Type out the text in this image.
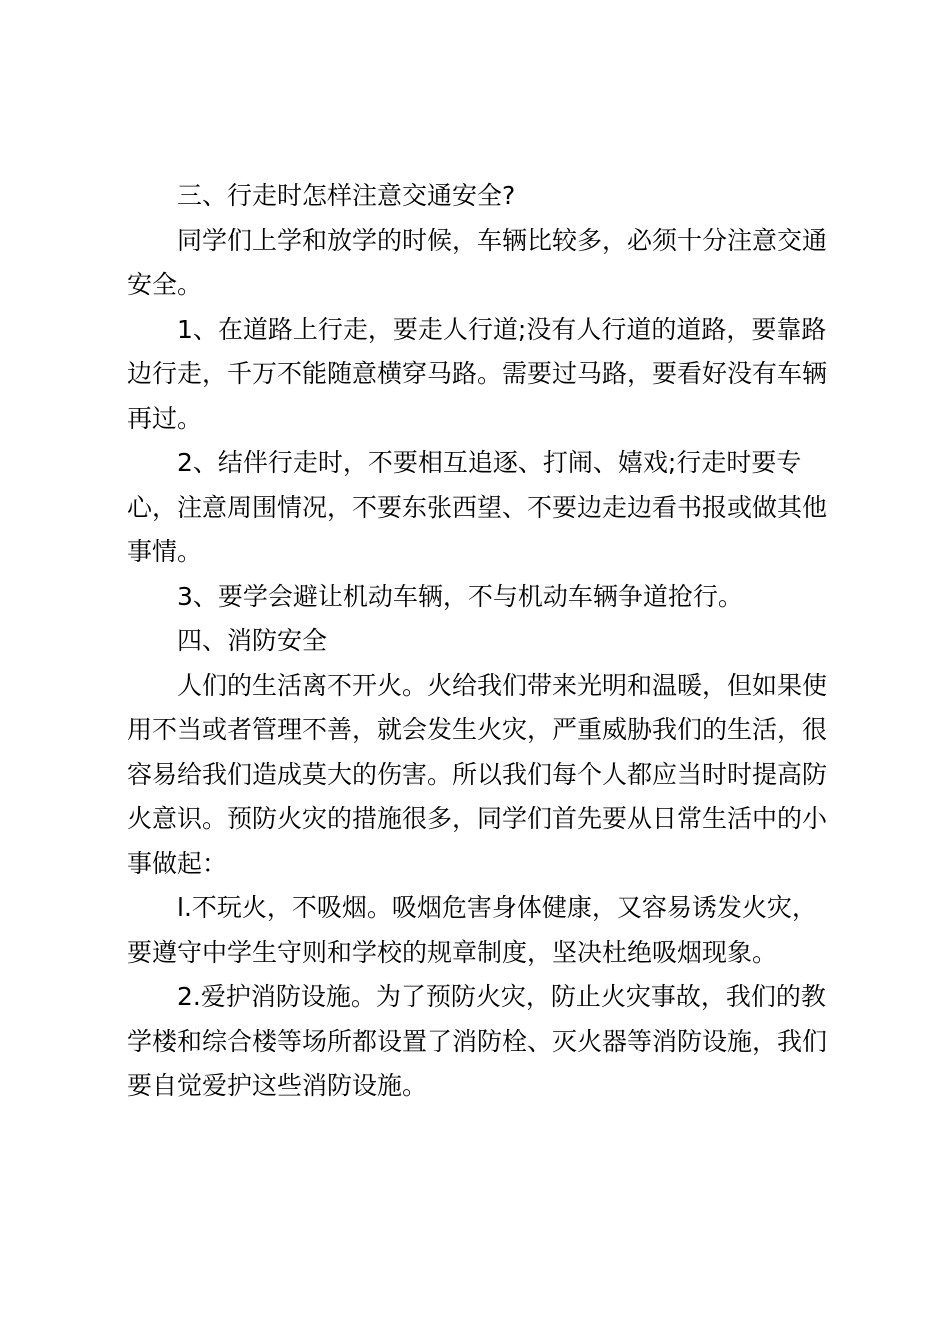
三、行走时怎样注意交通安全?

同学们上学和放学的时候，车辆比较多，必须十分注意交通安全。

1、在道路上行走，要走人行道;没有人行道的道路，要靠路边行走，千万不能随意横穿马路。需要过马路，要看好没有车辆再过。

2、结伴行走时，不要相互追逐、打闹、嬉戏;行走时要专心，注意周围情况，不要东张西望、不要边走边看书报或做其他事情。

3、要学会避让机动车辆，不与机动车辆争道抢行。

四、消防安全

人们的生活离不开火。火给我们带来光明和温暖，但如果使用不当或者管理不善，就会发生火灾，严重威胁我们的生活，很容易给我们造成莫大的伤害。所以我们每个人都应当时时提高防火意识。预防火灾的措施很多，同学们首先要从日常生活中的小事做起：

l.不玩火，不吸烟。吸烟危害身体健康，又容易诱发火灾，要遵守中学生守则和学校的规章制度，坚决杜绝吸烟现象。

2.爱护消防设施。为了预防火灾，防止火灾事故，我们的教学楼和综合楼等场所都设置了消防栓、灭火器等消防设施，我们要自觉爱护这些消防设施。
